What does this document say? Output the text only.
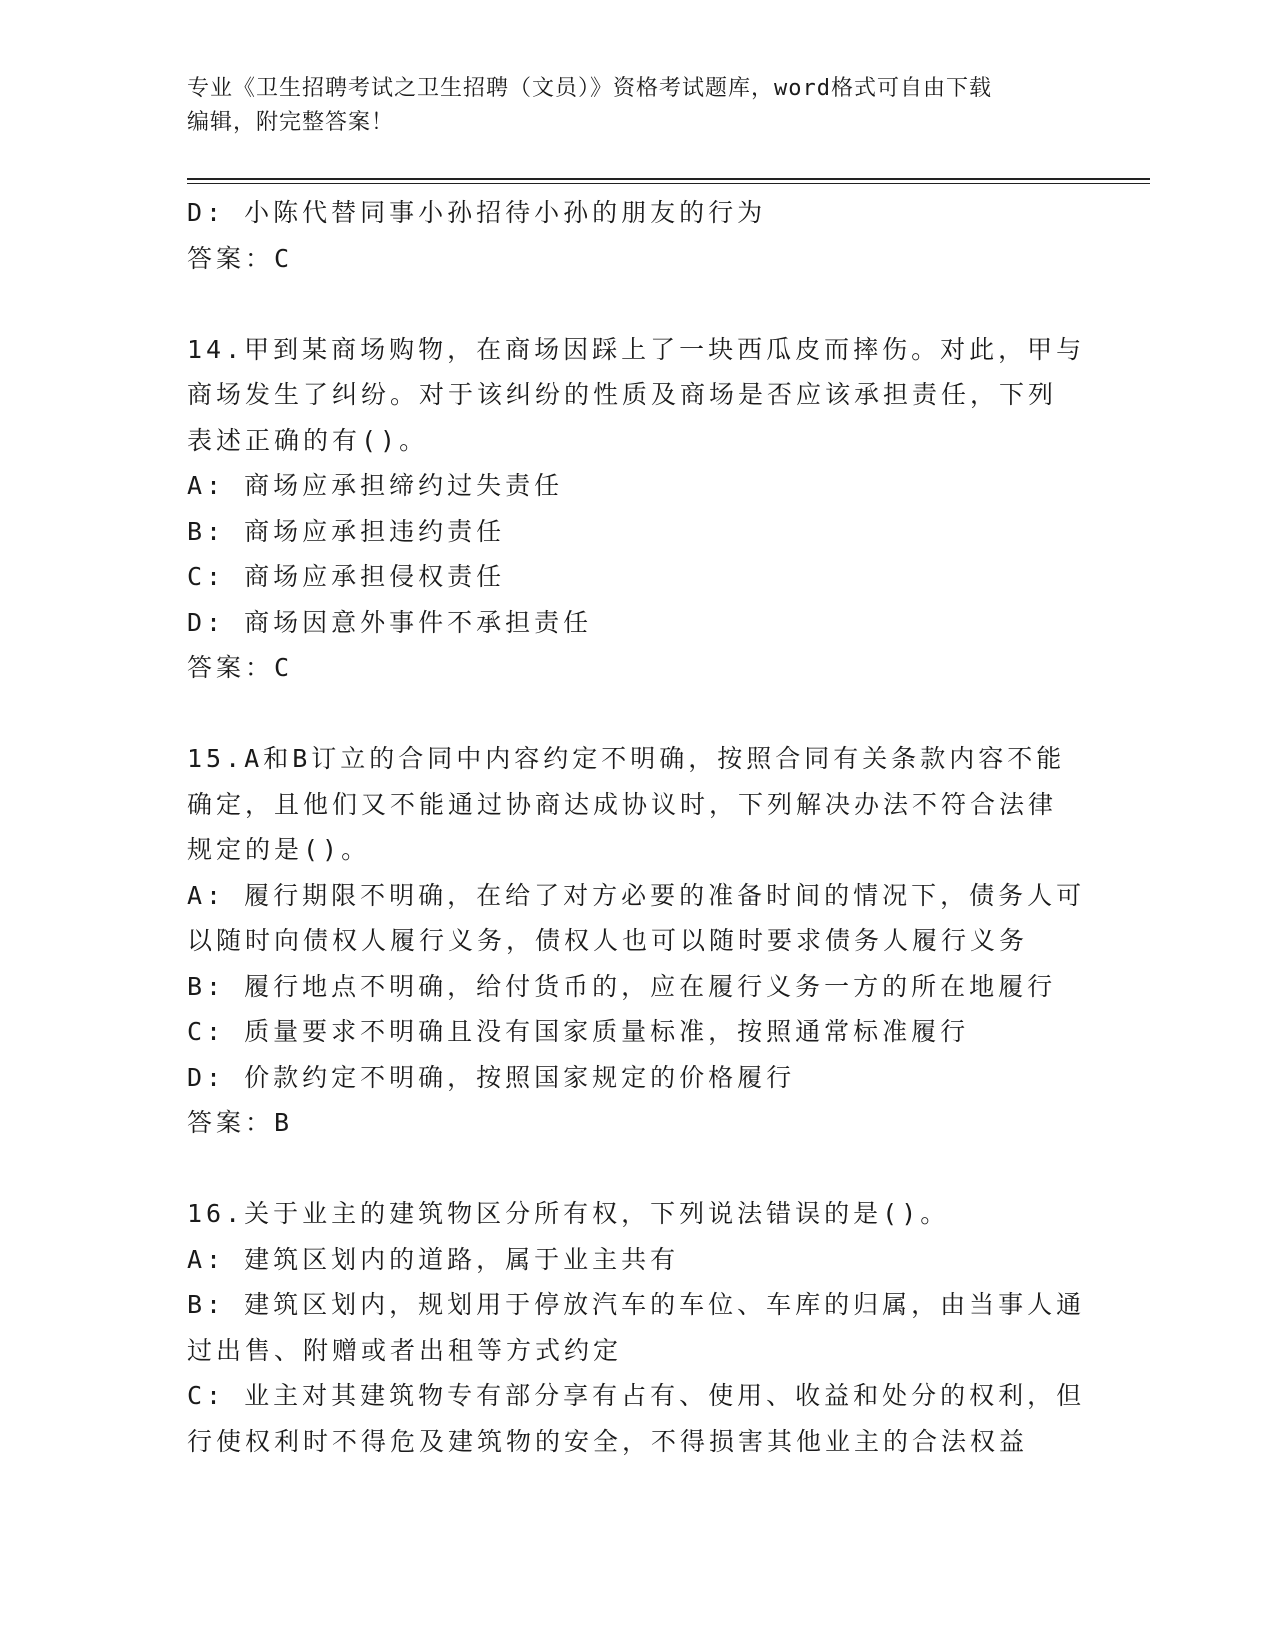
专业《卫生招聘考试之卫生招聘（文员）》资格考试题库，word格式可自由下载
编辑，附完整答案！
D: 小陈代替同事小孙招待小孙的朋友的行为
答案：C
14.甲到某商场购物，在商场因踩上了一块西瓜皮而摔伤。对此，甲与
商场发生了纠纷。对于该纠纷的性质及商场是否应该承担责任，下列
表述正确的有()。
A: 商场应承担缔约过失责任
B: 商场应承担违约责任
C: 商场应承担侵权责任
D: 商场因意外事件不承担责任
答案：C
15.A和B订立的合同中内容约定不明确，按照合同有关条款内容不能
确定，且他们又不能通过协商达成协议时，下列解决办法不符合法律
规定的是()。
A: 履行期限不明确，在给了对方必要的准备时间的情况下，债务人可
以随时向债权人履行义务，债权人也可以随时要求债务人履行义务
B: 履行地点不明确，给付货币的，应在履行义务一方的所在地履行
C: 质量要求不明确且没有国家质量标准，按照通常标准履行
D: 价款约定不明确，按照国家规定的价格履行
答案：B
16.关于业主的建筑物区分所有权，下列说法错误的是()。
A: 建筑区划内的道路，属于业主共有
B: 建筑区划内，规划用于停放汽车的车位、车库的归属，由当事人通
过出售、附赠或者出租等方式约定
C: 业主对其建筑物专有部分享有占有、使用、收益和处分的权利，但
行使权利时不得危及建筑物的安全，不得损害其他业主的合法权益
